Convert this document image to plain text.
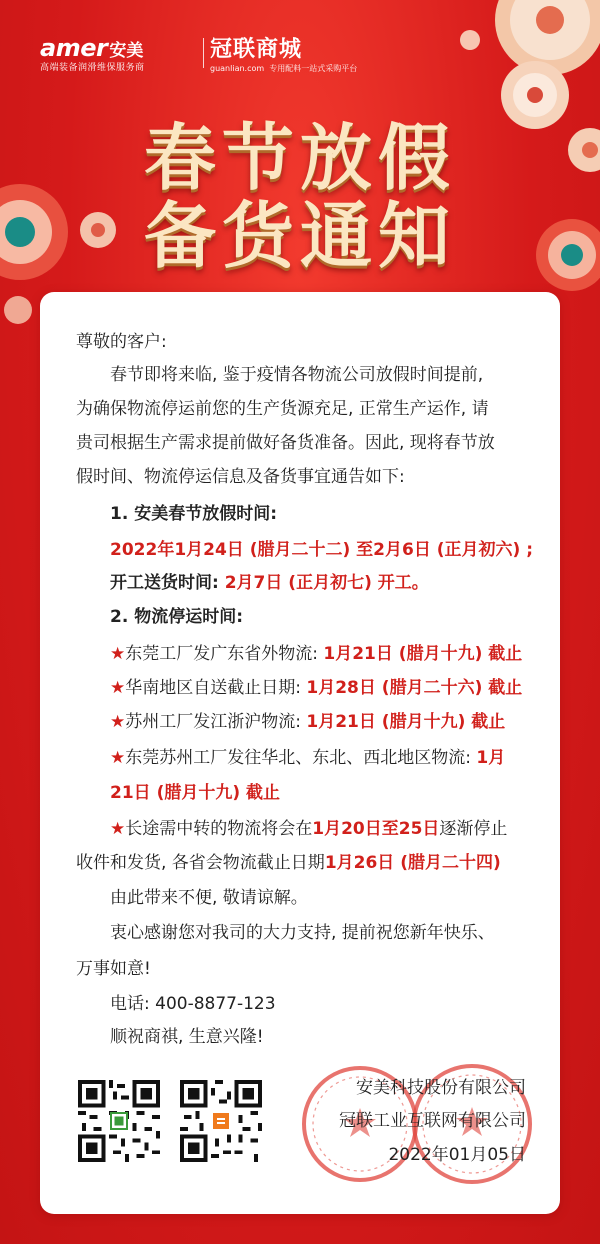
amer 安美
高端装备润滑维保服务商
冠联商城
guanlian.com 专用配料一站式采购平台
春节放假
备货通知
尊敬的客户:
春节即将来临, 鉴于疫情各物流公司放假时间提前,
为确保物流停运前您的生产货源充足, 正常生产运作, 请
贵司根据生产需求提前做好备货准备。因此, 现将春节放
假时间、物流停运信息及备货事宜通告如下:
1. 安美春节放假时间:
2022年1月24日 (腊月二十二) 至2月6日 (正月初六) ;
开工送货时间: 2月7日 (正月初七) 开工。
2. 物流停运时间:
★东莞工厂发广东省外物流: 1月21日 (腊月十九) 截止
★华南地区自送截止日期: 1月28日 (腊月二十六) 截止
★苏州工厂发江浙沪物流: 1月21日 (腊月十九) 截止
★东莞苏州工厂发往华北、东北、西北地区物流: 1月
21日 (腊月十九) 截止
★长途需中转的物流将会在1月20日至25日逐渐停止
收件和发货, 各省会物流截止日期1月26日 (腊月二十四)
由此带来不便, 敬请谅解。
衷心感谢您对我司的大力支持, 提前祝您新年快乐、
万事如意!
电话: 400-8877-123
顺祝商祺, 生意兴隆!
安美科技股份有限公司
冠联工业互联网有限公司
2022年01月05日
